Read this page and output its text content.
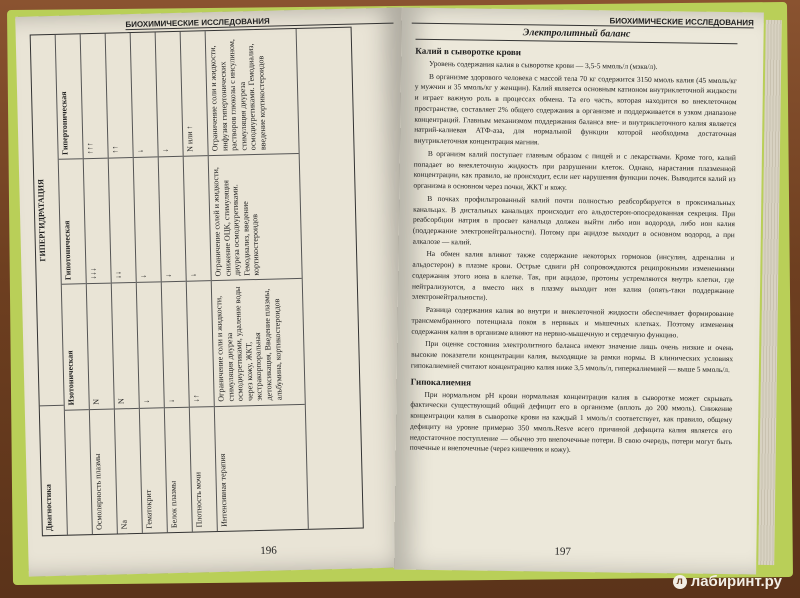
БИОХИМИЧЕСКИЕ ИССЛЕДОВАНИЯ
Диагностика
ГИПЕРГИДРАТАЦИЯ
Изотоническая
Гипотоническая
Гипертоническая
Осмолярность плазмы
N
↓↓↓
↑↑↑
Na
N
↓↓
↑↑
Гематокрит
↓
↓
↓
Белок плазмы
↓
↓
↓
Плотность мочи
↓↑
↓
N или ↑
Интенсивная терапия
Ограничение соли и жидкости, стимуляция диуреза осмодиуретиками, удаление воды через кожу, ЖКТ, экстракорпоральная детоксикация, Введение плазмы, альбумина, кортикостероидов
Ограничение солей и жидкости, снижение ОЦК, стимуляция диуреза осмодиуретиками. Гемодиализ, введение кортикостероидов
Ограничение соли и жидкости, инфузия гипертонических растворов глюкозы с инсулином, стимуляция диуреза осмодиуретиками. Гемодиализ, введение кортикостероидов
196
БИОХИМИЧЕСКИЕ ИССЛЕДОВАНИЯ
Электролитный баланс
Калий в сыворотке крови

Уровень содержания калия в сыворотке крови — 3,5-5 ммоль/л (мэкв/л).

В организме здорового человека с массой тела 70 кг содержится 3150 ммоль калия (45 ммоль/кг у мужчин и 35 ммоль/кг у женщин). Калий является основным катионом внутриклеточной жидкости и играет важную роль в процессах обмена. Та его часть, которая находится во внеклеточном пространстве, составляет 2% общего содержания в организме и поддерживается в узком диапазоне концентраций. Главным механизмом поддержания баланса вне- и внутриклеточного калия является натрий-калиевая АТФ-аза, для нормальной функции которой необходима достаточная внутриклеточная концентрация магния.

В организм калий поступает главным образом с пищей и с лекарствами. Кроме того, калий попадает во внеклеточную жидкость при разрушении клеток. Однако, нарастания плазменной концентрации, как правило, не происходит, если нет нарушения функции почек. Выводится калий из организма в основном через почки, ЖКТ и кожу.

В почках профильтрованный калий почти полностью реабсорбируется в проксимальных канальцах. В дистальных канальцах происходит его альдостерон-опосредованная секреция. При реабсорбции натрия в просвет канальца должен выйти либо ион водорода, либо ион калия (поддержание электронейтральности). Потому при ацидозе выходит в основном водород, а при алкалозе — калий.

На обмен калия влияют также содержание некоторых гормонов (инсулин, адреналин и альдостерон) в плазме крови. Острые сдвиги pH сопровождаются реципрокными изменениями содержания этого иона в клетке. Так, при ацидозе, протоны устремляются внутрь клетки, где нейтрализуются, а вместо них в плазму выходит ион калия (опять-таки поддержание электронейтральности).

Разница содержания калия во внутри и внеклеточной жидкости обеспечивает формирование трансмембранного потенциала покоя в нервных и мышечных клетках. Поэтому изменения содержания калия в организме влияют на нервно-мышечную и сердечную функцию.

При оценке состояния электролитного баланса имеют значение лишь очень низкие и очень высокие показатели концентрации калия, выходящие за рамки нормы. В клинических условиях гипокалиемией считают концентрацию калия ниже 3,5 ммоль/л, гиперкалиемией — выше 5 ммоль/л.

Гипокалиемия

При нормальном pH крови нормальная концентрация калия в сыворотке может скрывать фактически существующий общий дефицит его в организме (вплоть до 200 ммоль). Снижение концентрации калия в сыворотке крови на каждый 1 ммоль/л соответствует, как правило, общему дефициту на уровне примерно 350 ммоль.Resve всего причиной дефицита калия является его недостаточное поступление — обычно это внепочечные потери. В свою очередь, потери могут быть почечные и внепочечные (через кишечник и кожу).

197
л лабиринт.ру
